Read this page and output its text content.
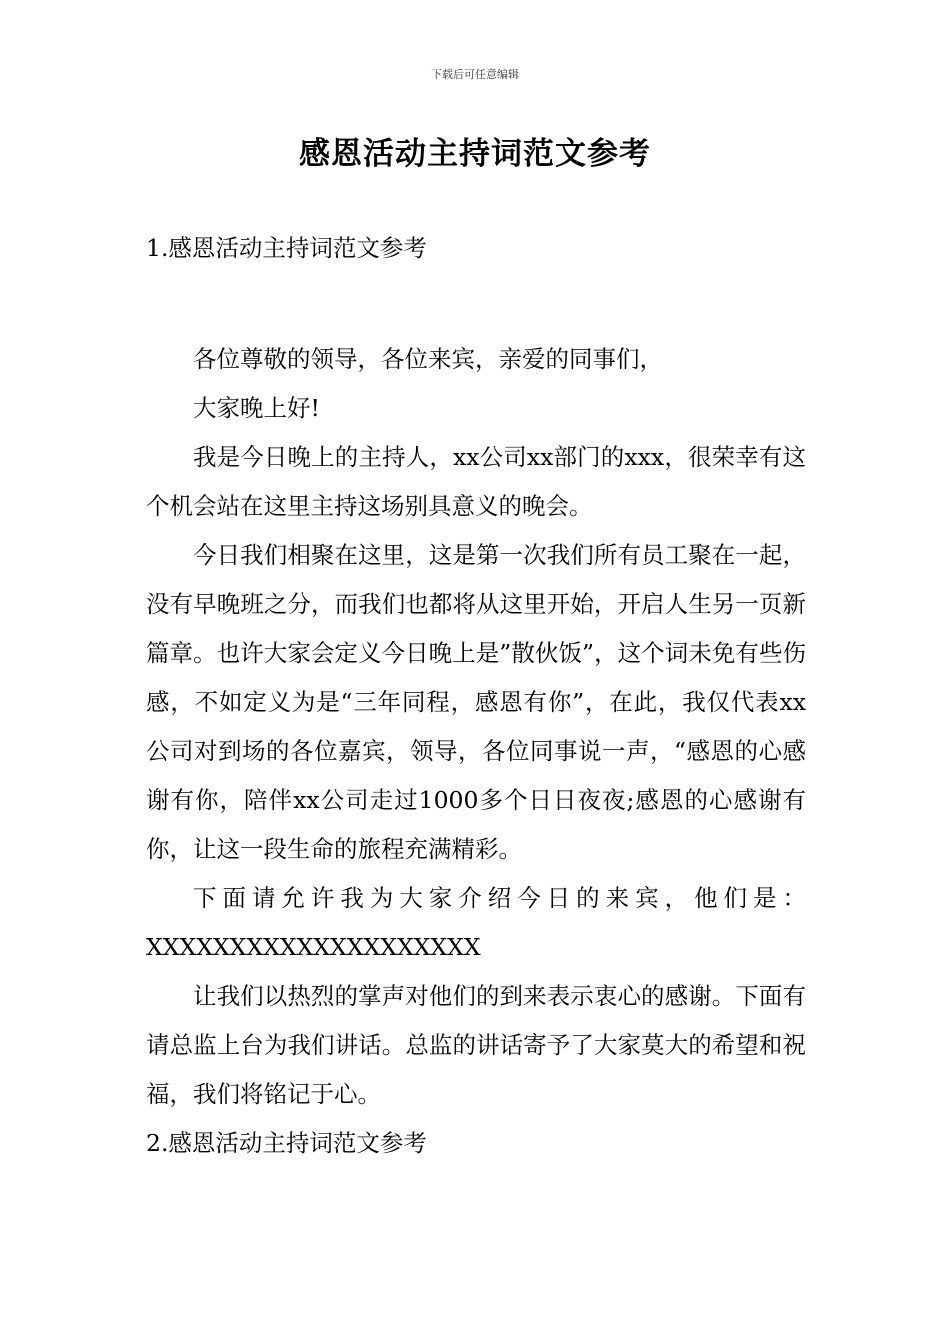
下载后可任意编辑
感恩活动主持词范文参考

1.感恩活动主持词范文参考

各位尊敬的领导，各位来宾，亲爱的同事们，

大家晚上好!

我是今日晚上的主持人，xx公司xx部门的xxx，很荣幸有这个机会站在这里主持这场别具意义的晚会。

今日我们相聚在这里，这是第一次我们所有员工聚在一起，没有早晚班之分，而我们也都将从这里开始，开启人生另一页新篇章。也许大家会定义今日晚上是”散伙饭”，这个词未免有些伤感，不如定义为是“三年同程，感恩有你”，在此，我仅代表xx公司对到场的各位嘉宾，领导，各位同事说一声，“感恩的心感谢有你，陪伴xx公司走过1000多个日日夜夜;感恩的心感谢有你，让这一段生命的旅程充满精彩。

下面请允许我为大家介绍今日的来宾，他们是：

XXXXXXXXXXXXXXXXXXXX

让我们以热烈的掌声对他们的到来表示衷心的感谢。下面有请总监上台为我们讲话。总监的讲话寄予了大家莫大的希望和祝福，我们将铭记于心。

2.感恩活动主持词范文参考
